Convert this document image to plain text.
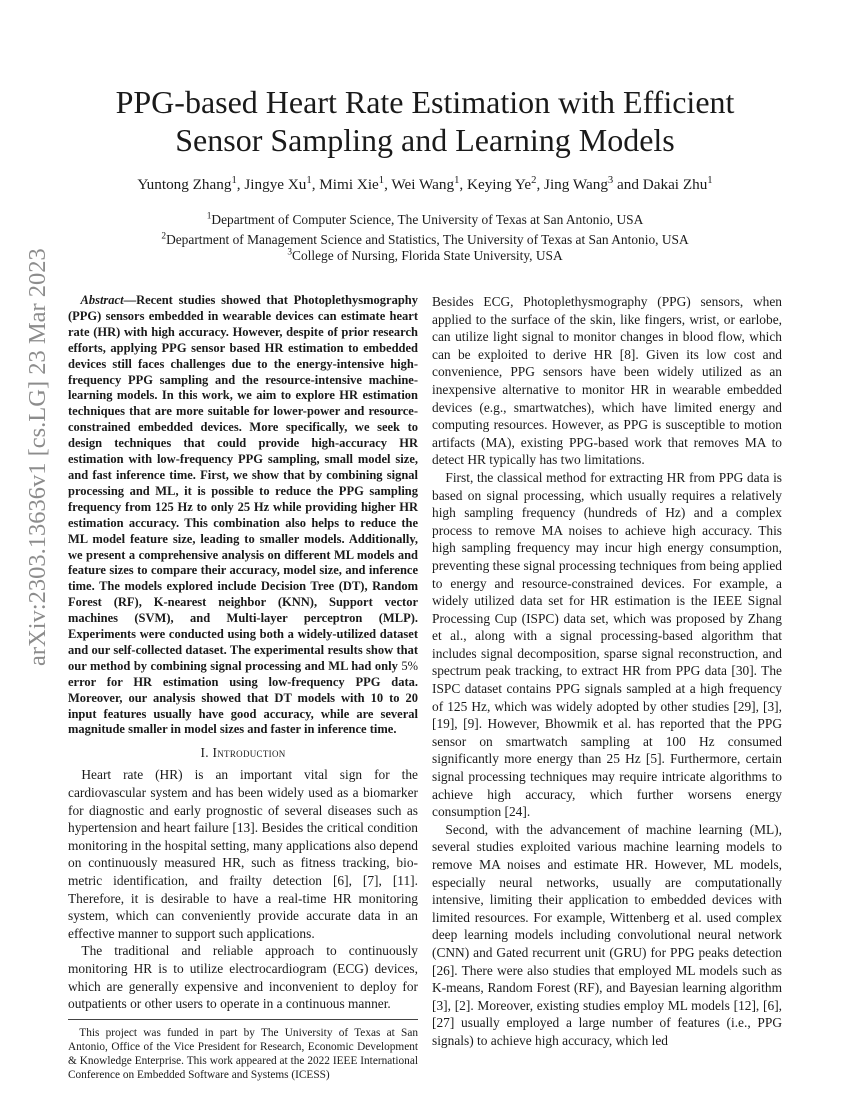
PPG-based Heart Rate Estimation with Efficient
Sensor Sampling and Learning Models
Yuntong Zhang$^1$, Jingye Xu$^1$, Mimi Xie$^1$, Wei Wang$^1$, Keying Ye$^2$, Jing Wang$^3$ and Dakai Zhu$^1$
$^1$Department of Computer Science, The University of Texas at San Antonio, USA
$^2$Department of Management Science and Statistics, The University of Texas at San Antonio, USA
$^3$College of Nursing, Florida State University, USA
arXiv:2303.13636v1 [cs.LG] 23 Mar 2023	Abstract—Recent studies showed that Photoplethysmography (PPG) sensors embedded in wearable devices can estimate heart rate (HR) with high accuracy. However, despite of prior research efforts, applying PPG sensor based HR estimation to embedded devices still faces challenges due to the energy-intensive high-frequency PPG sampling and the resource-intensive machine-learning models. In this work, we aim to explore HR estimation techniques that are more suitable for lower-power and resource-constrained embedded devices. More specifically, we seek to design techniques that could provide high-accuracy HR estimation with low-frequency PPG sampling, small model size, and fast inference time. First, we show that by combining signal processing and ML, it is possible to reduce the PPG sampling frequency from 125 Hz to only 25 Hz while providing higher HR estimation accuracy. This combination also helps to reduce the ML model feature size, leading to smaller models. Additionally, we present a comprehensive analysis on different ML models and feature sizes to compare their accuracy, model size, and inference time. The models explored include Decision Tree (DT), Random Forest (RF), K-nearest neighbor (KNN), Support vector machines (SVM), and Multi-layer perceptron (MLP). Experiments were conducted using both a widely-utilized dataset and our self-collected dataset. The experimental results show that our method by combining signal processing and ML had only 5% error for HR estimation using low-frequency PPG data. Moreover, our analysis showed that DT models with 10 to 20 input features usually have good accuracy, while are several magnitude smaller in model sizes and faster in inference time.

I. Introduction

Heart rate (HR) is an important vital sign for the cardiovascular system and has been widely used as a biomarker for diagnostic and early prognostic of several diseases such as hypertension and heart failure [13]. Besides the critical condition monitoring in the hospital setting, many applications also depend on continuously measured HR, such as fitness tracking, bio-metric identification, and frailty detection [6], [7], [11]. Therefore, it is desirable to have a real-time HR monitoring system, which can conveniently provide accurate data in an effective manner to support such applications.

The traditional and reliable approach to continuously monitoring HR is to utilize electrocardiogram (ECG) devices, which are generally expensive and inconvenient to deploy for outpatients or other users to operate in a continuous manner.

This project was funded in part by The University of Texas at San Antonio, Office of the Vice President for Research, Economic Development & Knowledge Enterprise. This work appeared at the 2022 IEEE International Conference on Embedded Software and Systems (ICESS)

Besides ECG, Photoplethysmography (PPG) sensors, when applied to the surface of the skin, like fingers, wrist, or earlobe, can utilize light signal to monitor changes in blood flow, which can be exploited to derive HR [8]. Given its low cost and convenience, PPG sensors have been widely utilized as an inexpensive alternative to monitor HR in wearable embedded devices (e.g., smartwatches), which have limited energy and computing resources. However, as PPG is susceptible to motion artifacts (MA), existing PPG-based work that removes MA to detect HR typically has two limitations.

First, the classical method for extracting HR from PPG data is based on signal processing, which usually requires a relatively high sampling frequency (hundreds of Hz) and a complex process to remove MA noises to achieve high accuracy. This high sampling frequency may incur high energy consumption, preventing these signal processing techniques from being applied to energy and resource-constrained devices. For example, a widely utilized data set for HR estimation is the IEEE Signal Processing Cup (ISPC) data set, which was proposed by Zhang et al., along with a signal processing-based algorithm that includes signal decomposition, sparse signal reconstruction, and spectrum peak tracking, to extract HR from PPG data [30]. The ISPC dataset contains PPG signals sampled at a high frequency of 125 Hz, which was widely adopted by other studies [29], [3], [19], [9]. However, Bhowmik et al. has reported that the PPG sensor on smartwatch sampling at 100 Hz consumed significantly more energy than 25 Hz [5]. Furthermore, certain signal processing techniques may require intricate algorithms to achieve high accuracy, which further worsens energy consumption [24].

Second, with the advancement of machine learning (ML), several studies exploited various machine learning models to remove MA noises and estimate HR. However, ML models, especially neural networks, usually are computationally intensive, limiting their application to embedded devices with limited resources. For example, Wittenberg et al. used complex deep learning models including convolutional neural network (CNN) and Gated recurrent unit (GRU) for PPG peaks detection [26]. There were also studies that employed ML models such as K-means, Random Forest (RF), and Bayesian learning algorithm [3], [2]. Moreover, existing studies employ ML models [12], [6], [27] usually employed a large number of features (i.e., PPG signals) to achieve high accuracy, which led
